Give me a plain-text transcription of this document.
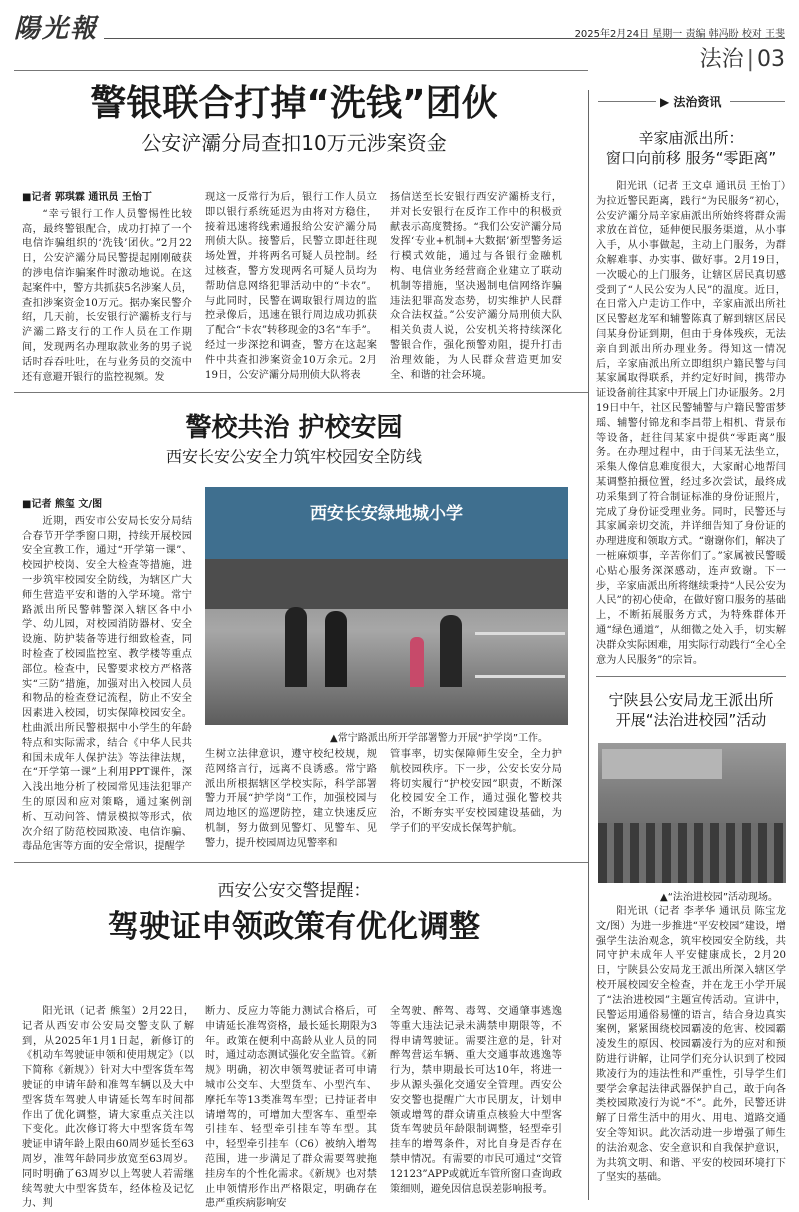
陽光報	2025年2月24日 星期一 责编 韩冯盼 校对 王斐
法治 | 03
警银联合打掉“洗钱”团伙
公安浐灞分局查扣10万元涉案资金
■记者 郭琪霖 通讯员 王怡丁

“幸亏银行工作人员警惕性比较高，最终警银配合，成功打掉了一个电信诈骗组织的‘洗钱’团伙。”2月22日，公安浐灞分局民警提起刚刚破获的涉电信诈骗案件时激动地说。在这起案件中，警方共抓获5名涉案人员，查扣涉案资金10万元。据办案民警介绍，几天前，长安银行浐灞桥支行与浐灞二路支行的工作人员在工作期间，发现两名办理取款业务的男子说话时吞吞吐吐，在与业务员的交流中还有意避开银行的监控视频。发

现这一反常行为后，银行工作人员立即以银行系统延迟为由将对方稳住，接着迅速将线索通报给公安浐灞分局刑侦大队。接警后，民警立即赶往现场处置，并将两名可疑人员控制。经过核查，警方发现两名可疑人员均为帮助信息网络犯罪活动中的“卡农”。与此同时，民警在调取银行周边的监控录像后，迅速在银行周边成功抓获了配合“卡农”转移现金的3名“车手”。经过一步深挖和调查，警方在这起案件中共查扣涉案资金10万余元。2月19日，公安浐灞分局刑侦大队将表

扬信送至长安银行西安浐灞桥支行，并对长安银行在反诈工作中的积极贡献表示高度赞扬。“我们公安浐灞分局发挥‘专业+机制+大数据’新型警务运行模式效能，通过与各银行金融机构、电信业务经营商企业建立了联动机制等措施，坚决遏制电信网络诈骗违法犯罪高发态势，切实维护人民群众合法权益。”公安浐灞分局刑侦大队相关负责人说，公安机关将持续深化警银合作，强化预警劝阻，提升打击治理效能，为人民群众营造更加安全、和谐的社会环境。

警校共治 护校安园
西安长安公安全力筑牢校园安全防线
■记者 熊玺 文/图

近期，西安市公安局长安分局结合春节开学季窗口期，持续开展校园安全宣教工作，通过“开学第一课”、校园护校岗、安全大检查等措施，进一步筑牢校园安全防线，为辖区广大师生营造平安和谐的入学环境。常宁路派出所民警韩警深入辖区各中小学、幼儿园，对校园消防器材、安全设施、防护装备等进行细致检查，同时检查了校园监控室、教学楼等重点部位。检查中，民警要求校方严格落实“三防”措施，加强对出入校园人员和物品的检查登记流程，防止不安全因素进入校园，切实保障校园安全。杜曲派出所民警根据中小学生的年龄特点和实际需求，结合《中华人民共和国未成年人保护法》等法律法规，在“开学第一课”上利用PPT课件，深入浅出地分析了校园常见违法犯罪产生的原因和应对策略，通过案例剖析、互动问答、情景模拟等形式，依次介绍了防范校园欺凌、电信诈骗、毒品危害等方面的安全常识，提醒学

西安长安绿地城小学
▲常宁路派出所开学部署警力开展“护学岗”工作。

生树立法律意识，遵守校纪校规，规范网络言行，远离不良诱惑。常宁路派出所根据辖区学校实际，科学部署警力开展“护学岗”工作，加强校园与周边地区的巡逻防控，建立快速反应机制，努力做到见警灯、见警车、见警力，提升校园周边见警率和

管事率，切实保障师生安全，全力护航校园秩序。下一步，公安长安分局将切实履行“护校安园”职责，不断深化校园安全工作，通过强化警校共治，不断夯实平安校园建设基础，为学子们的平安成长保驾护航。

西安公安交警提醒：
驾驶证申领政策有优化调整

阳光讯（记者 熊玺）2月22日，记者从西安市公安局交警支队了解到，从2025年1月1日起，新修订的《机动车驾驶证申领和使用规定》（以下简称《新规》）针对大中型客货车驾驶证的申请年龄和准驾车辆以及大中型客货车驾驶人申请延长驾车时间都作出了优化调整，请大家重点关注以下变化。此次修订将大中型客货车驾驶证申请年龄上限由60周岁延长至63周岁，准驾年龄同步放宽至63周岁。同时明确了63周岁以上驾驶人若需继续驾驶大中型客货车，经体检及记忆力、判

断力、反应力等能力测试合格后，可申请延长准驾资格，最长延长期限为3年。政策在便利中高龄从业人员的同时，通过动态测试强化安全监管。《新规》明确，初次申领驾驶证者可申请城市公交车、大型货车、小型汽车、摩托车等13类准驾车型；已持证者申请增驾的，可增加大型客车、重型牵引挂车、轻型牵引挂车等车型。其中，轻型牵引挂车（C6）被纳入增驾范围，进一步满足了群众需要驾驶拖挂房车的个性化需求。《新规》也对禁止申领情形作出严格限定，明确存在患严重疾病影响安

全驾驶、醉驾、毒驾、交通肇事逃逸等重大违法记录未满禁申期限等，不得申请驾驶证。需要注意的是，针对醉驾营运车辆、重大交通事故逃逸等行为，禁申期最长可达10年，将进一步从源头强化交通安全管理。西安公安交警也提醒广大市民朋友，计划申领或增驾的群众请重点核验大中型客货车驾驶员年龄限制调整，轻型牵引挂车的增驾条件，对比自身是否存在禁申情况。有需要的市民可通过“交管12123”APP或就近车管所窗口查询政策细则，避免因信息误差影响报考。

▶ 法治资讯
辛家庙派出所：
窗口向前移 服务“零距离”

阳光讯（记者 王文卓 通讯员 王怡丁）为拉近警民距离，践行“为民服务”初心，公安浐灞分局辛家庙派出所始终将群众需求放在首位，延伸便民服务渠道，从小事入手，从小事做起，主动上门服务，为群众解难事、办实事、做好事。2月19日，一次暖心的上门服务，让辖区居民真切感受到了“人民公安为人民”的温度。近日，在日常入户走访工作中，辛家庙派出所社区民警赵龙军和辅警陈真了解到辖区居民闫某身份证到期，但由于身体残疾，无法亲自到派出所办理业务。得知这一情况后，辛家庙派出所立即组织户籍民警与闫某家属取得联系，并约定好时间，携带办证设备前往其家中开展上门办证服务。2月19日中午，社区民警辅警与户籍民警雷梦瑶、辅警付锦龙和李昌带上相机、背景布等设备，赶往闫某家中提供“零距离”服务。在办理过程中，由于闫某无法坐立，采集人像信息难度很大，大家耐心地帮闫某调整拍摄位置，经过多次尝试，最终成功采集到了符合制证标准的身份证照片，完成了身份证受理业务。同时，民警还与其家属亲切交流，并详细告知了身份证的办理进度和领取方式。“谢谢你们，解决了一桩麻烦事，辛苦你们了。”家属被民警暖心贴心服务深深感动，连声致谢。下一步，辛家庙派出所将继续秉持“人民公安为人民”的初心使命，在做好窗口服务的基础上，不断拓展服务方式，为特殊群体开通“绿色通道”，从细微之处入手，切实解决群众实际困难，用实际行动践行“全心全意为人民服务”的宗旨。

宁陕县公安局龙王派出所
开展“法治进校园”活动
▲“法治进校园”活动现场。

阳光讯（记者 李孝华 通讯员 陈宝龙 文/图）为进一步推进“平安校园”建设，增强学生法治观念，筑牢校园安全防线，共同守护未成年人平安健康成长，2月20日，宁陕县公安局龙王派出所深入辖区学校开展校园安全检查，并在龙王小学开展了“法治进校园”主题宣传活动。宣讲中，民警运用通俗易懂的语言，结合身边真实案例，紧紧围绕校园霸凌的危害、校园霸凌发生的原因、校园霸凌行为的应对和预防进行讲解，让同学们充分认识到了校园欺凌行为的违法性和严重性，引导学生们要学会拿起法律武器保护自己，敢于向各类校园欺凌行为说“不”。此外，民警还讲解了日常生活中的用火、用电、道路交通安全等知识。此次活动进一步增强了师生的法治观念、安全意识和自我保护意识，为共筑文明、和谐、平安的校园环境打下了坚实的基础。
